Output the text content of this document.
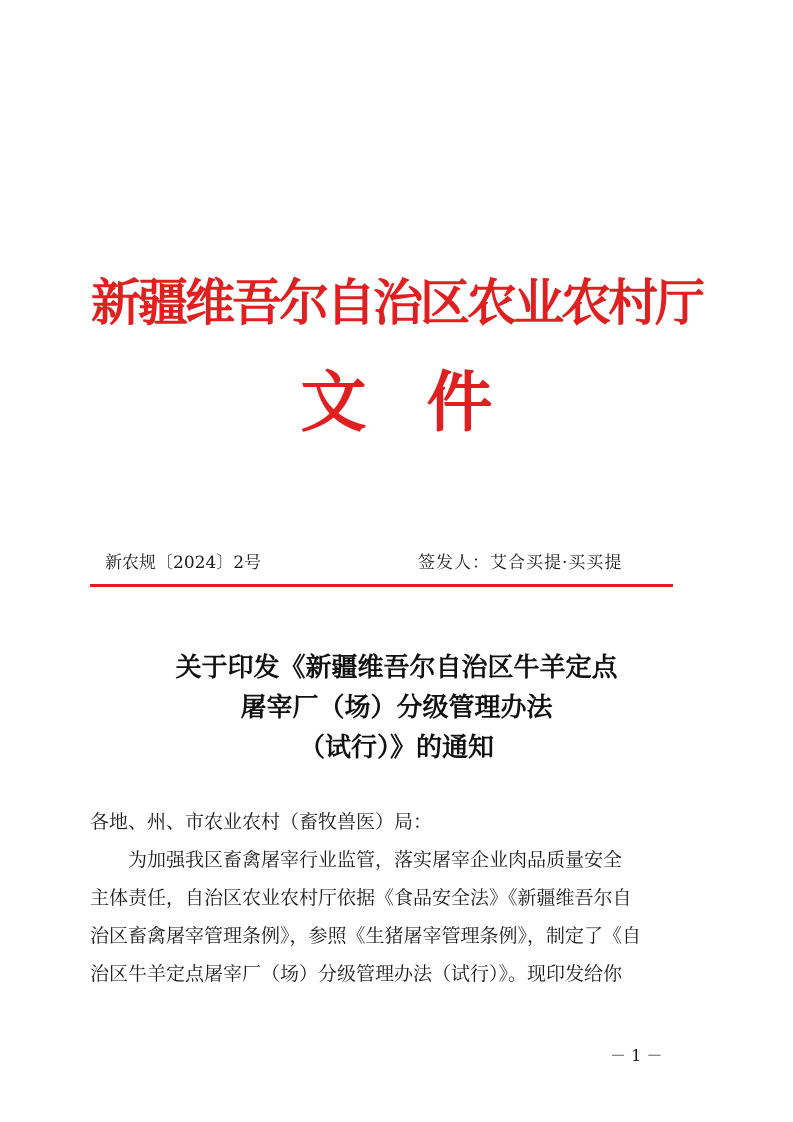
新疆维吾尔自治区农业农村厅
文件
新农规〔2024〕2号	签发人：艾合买提·买买提
关于印发《新疆维吾尔自治区牛羊定点
屠宰厂（场）分级管理办法
（试行）》的通知

各地、州、市农业农村（畜牧兽医）局：

为加强我区畜禽屠宰行业监管，落实屠宰企业肉品质量安全

主体责任，自治区农业农村厅依据《食品安全法》《新疆维吾尔自

治区畜禽屠宰管理条例》，参照《生猪屠宰管理条例》，制定了《自

治区牛羊定点屠宰厂（场）分级管理办法（试行）》。现印发给你

－ 1 －
